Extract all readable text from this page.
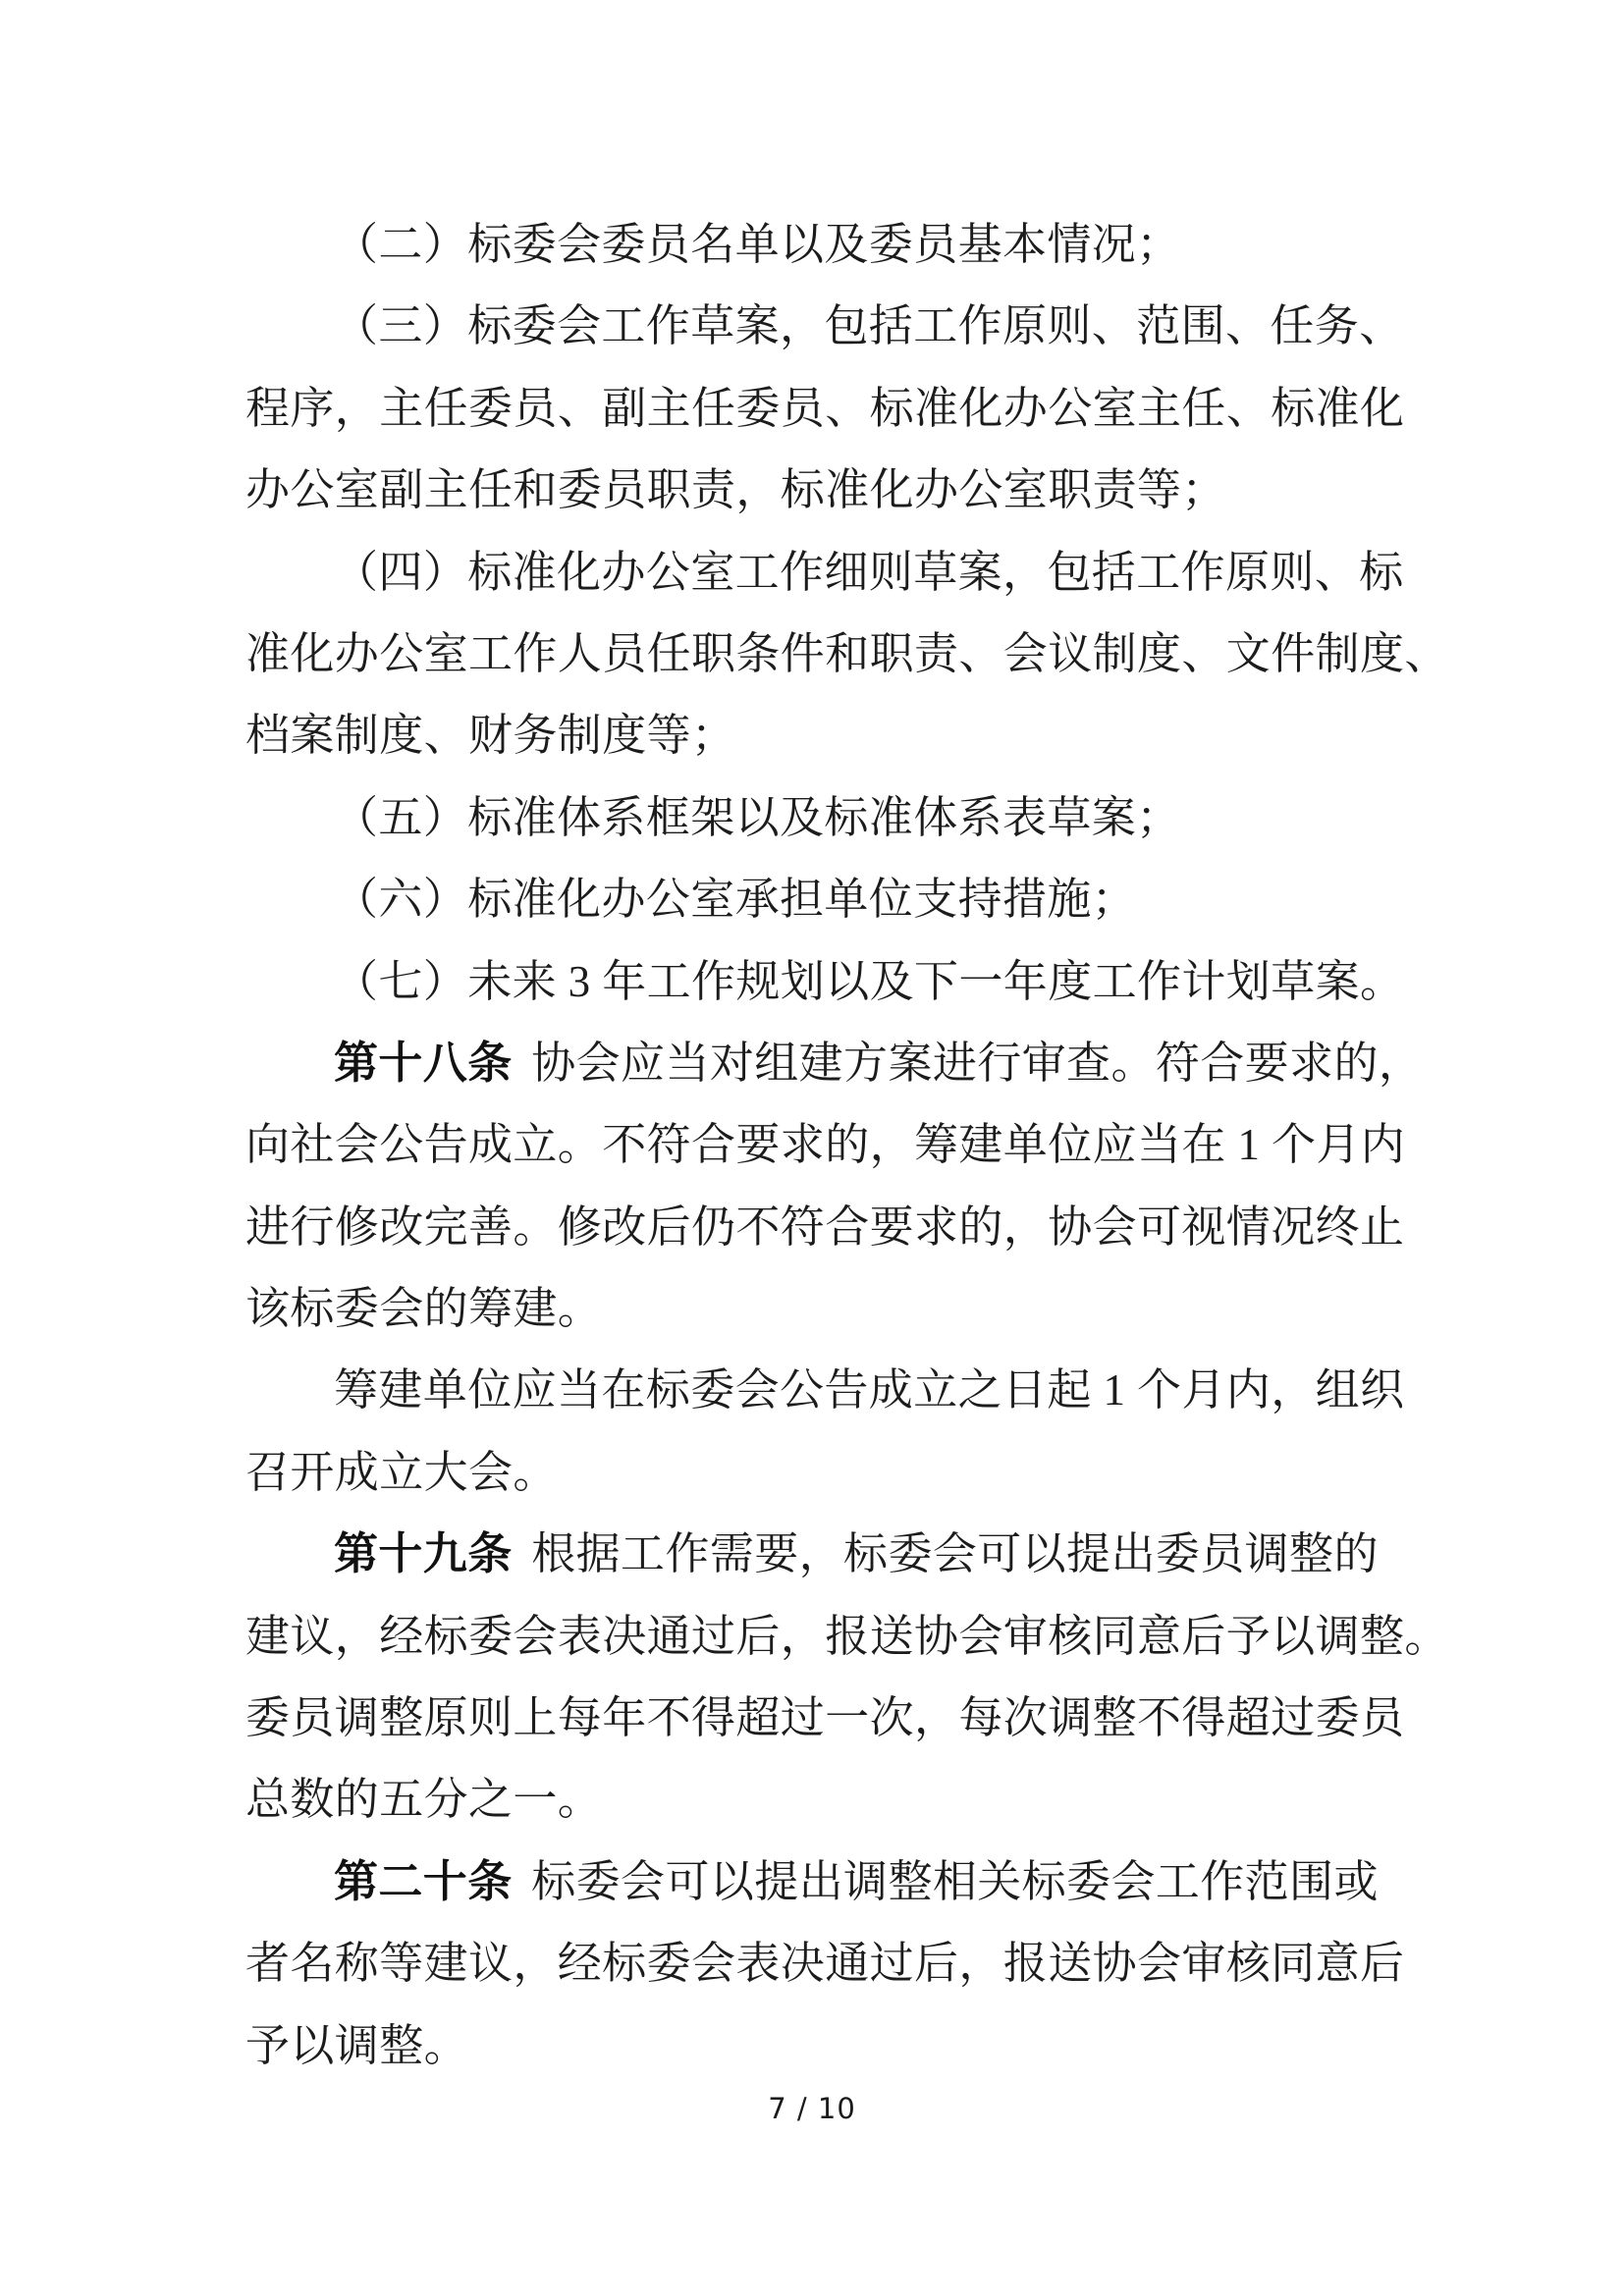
（二）标委会委员名单以及委员基本情况；
（三）标委会工作草案，包括工作原则、范围、任务、
程序，主任委员、副主任委员、标准化办公室主任、标准化
办公室副主任和委员职责，标准化办公室职责等；
（四）标准化办公室工作细则草案，包括工作原则、标
准化办公室工作人员任职条件和职责、会议制度、文件制度、
档案制度、财务制度等；
（五）标准体系框架以及标准体系表草案；
（六）标准化办公室承担单位支持措施；
（七）未来 3 年工作规划以及下一年度工作计划草案。
第十八条 协会应当对组建方案进行审查。符合要求的，
向社会公告成立。不符合要求的，筹建单位应当在 1 个月内
进行修改完善。修改后仍不符合要求的，协会可视情况终止
该标委会的筹建。
筹建单位应当在标委会公告成立之日起 1 个月内，组织
召开成立大会。
第十九条 根据工作需要，标委会可以提出委员调整的
建议，经标委会表决通过后，报送协会审核同意后予以调整。
委员调整原则上每年不得超过一次，每次调整不得超过委员
总数的五分之一。
第二十条 标委会可以提出调整相关标委会工作范围或
者名称等建议，经标委会表决通过后，报送协会审核同意后
予以调整。
7 / 10
